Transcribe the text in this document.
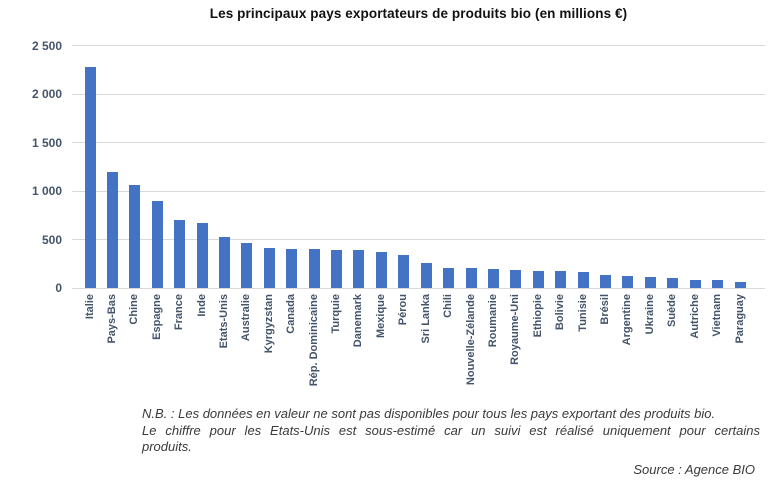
Les principaux pays exportateurs de produits bio (en millions €)
0
500
1 000
1 500
2 000
2 500
Italie Pays-Bas Chine Espagne France Inde Etats-Unis Australie Kyrgyzstan Canada Rép. Dominicaine Turquie Danemark Mexique Pérou Sri Lanka Chili Nouvelle-Zélande Roumanie Royaume-Uni Ethiopie Bolivie Tunisie Brésil Argentine Ukraine Suède Autriche Vietnam Paraguay
N.B. : Les données en valeur ne sont pas disponibles pour tous les pays exportant des produits bio.
Le chiffre pour les Etats-Unis est sous-estimé car un suivi est réalisé uniquement pour certains
produits.
Source : Agence BIO
